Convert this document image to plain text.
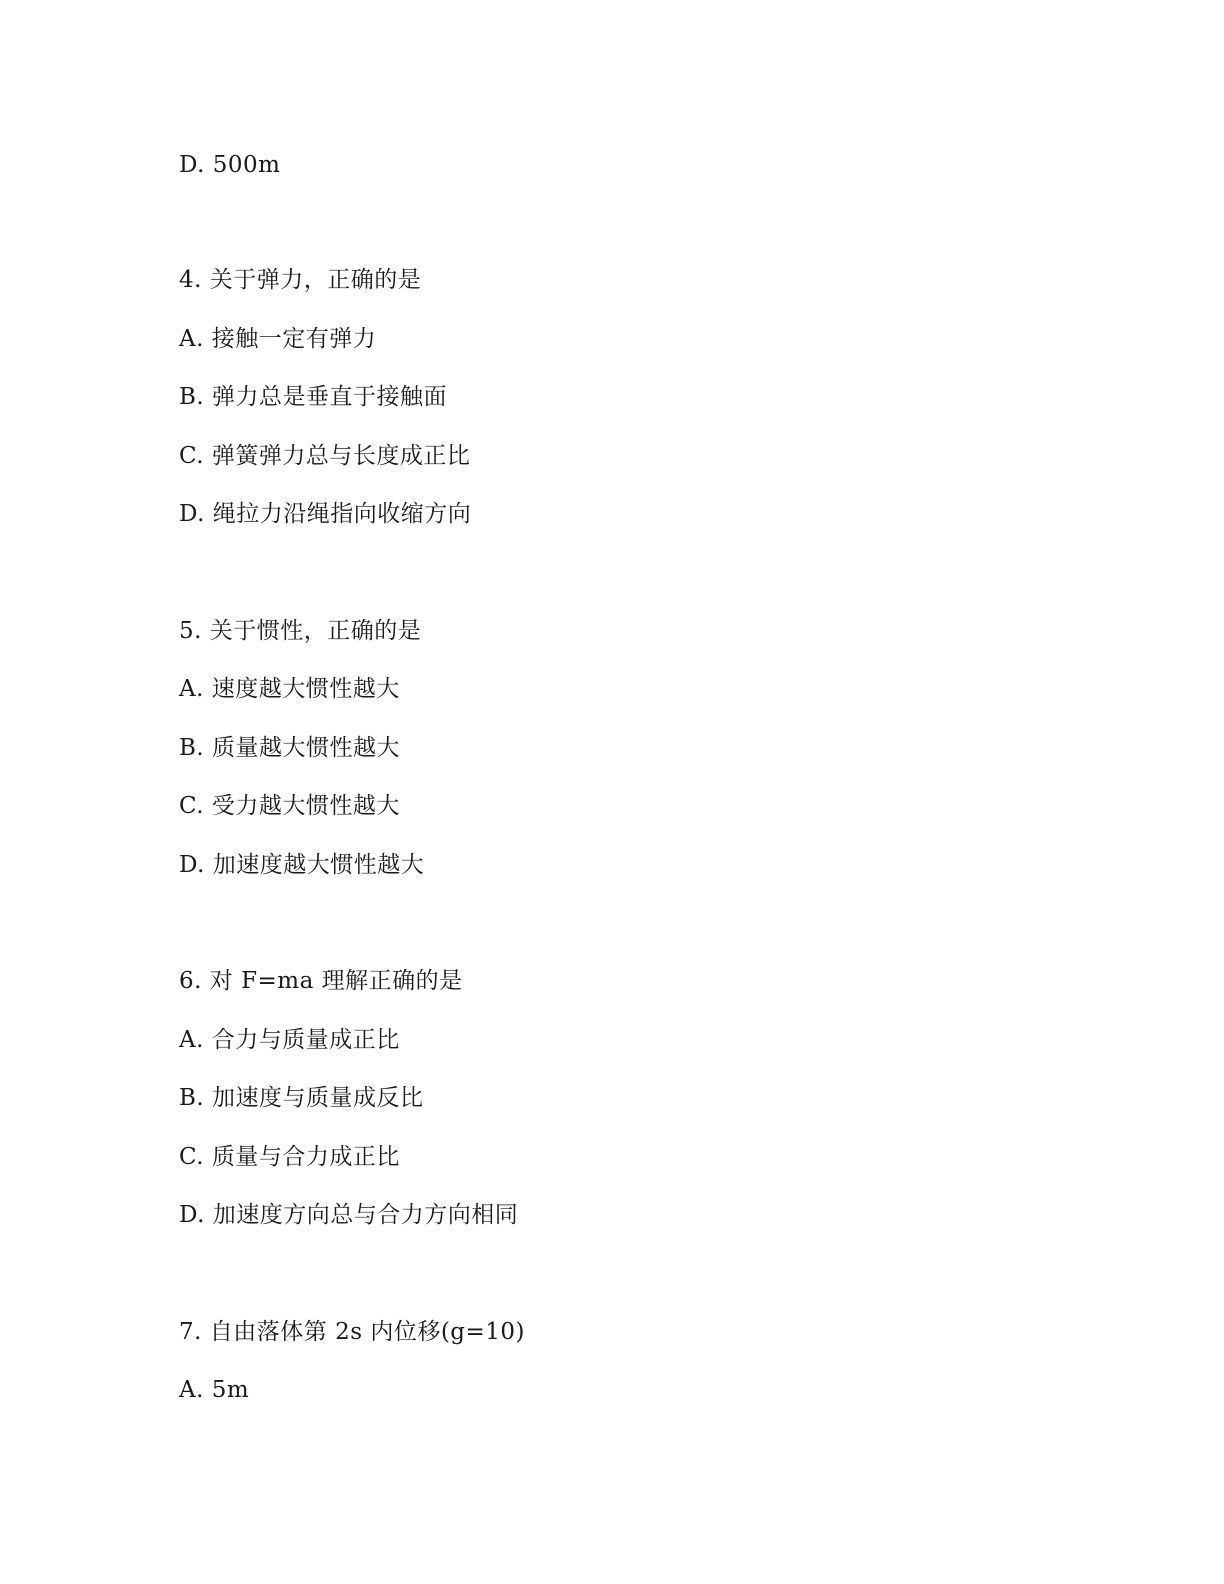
D. 500m
4. 关于弹力，正确的是
A. 接触一定有弹力
B. 弹力总是垂直于接触面
C. 弹簧弹力总与长度成正比
D. 绳拉力沿绳指向收缩方向
5. 关于惯性，正确的是
A. 速度越大惯性越大
B. 质量越大惯性越大
C. 受力越大惯性越大
D. 加速度越大惯性越大
6. 对 F=ma 理解正确的是
A. 合力与质量成正比
B. 加速度与质量成反比
C. 质量与合力成正比
D. 加速度方向总与合力方向相同
7. 自由落体第 2s 内位移(g=10)
A. 5m
